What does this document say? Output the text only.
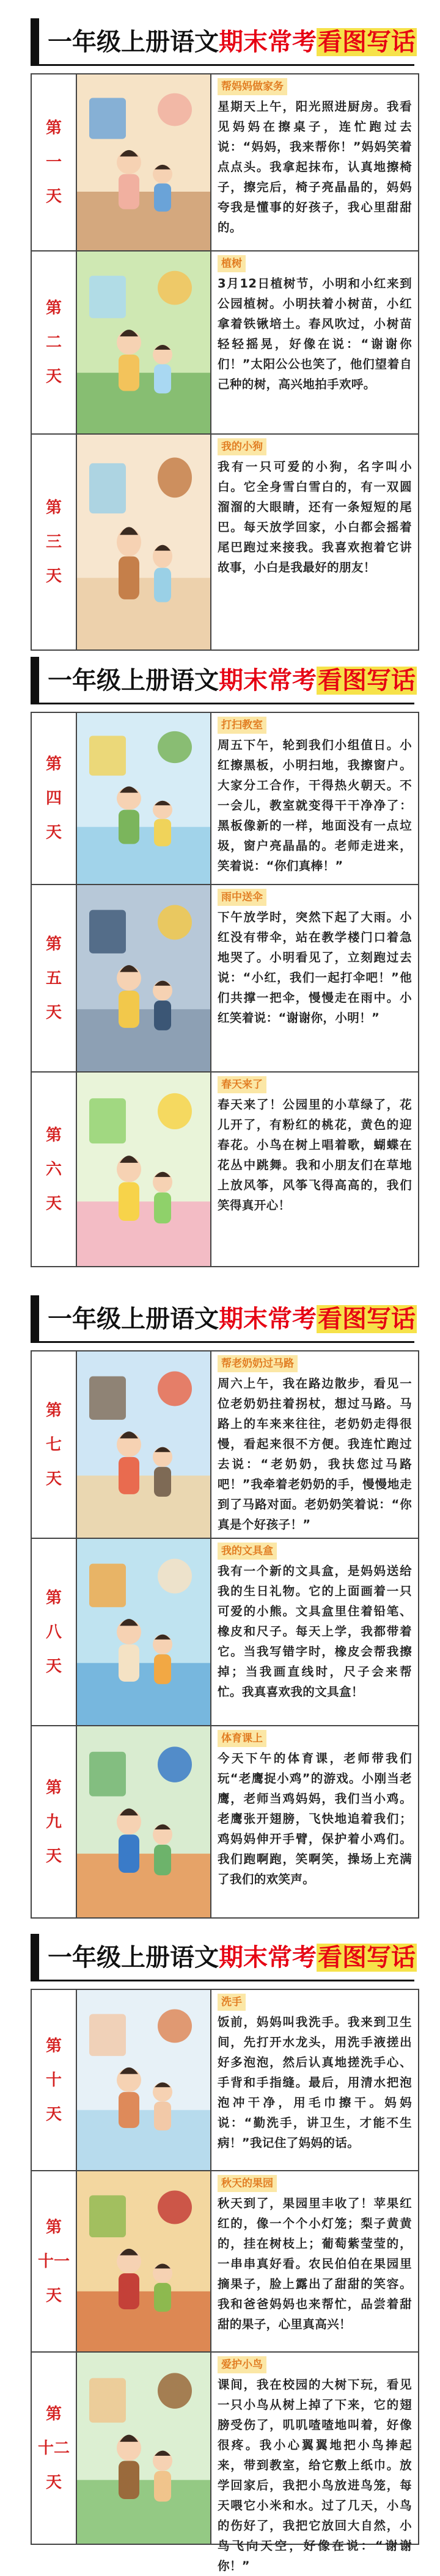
一年级上册语文期末常考看图写话
第
一
天
帮妈妈做家务
星期天上午，阳光照进厨房。我看见妈妈在擦桌子，连忙跑过去说：“妈妈，我来帮你！”妈妈笑着点点头。我拿起抹布，认真地擦椅子，擦完后，椅子亮晶晶的，妈妈夸我是懂事的好孩子，我心里甜甜的。
第
二
天
植树
3月12日植树节，小明和小红来到公园植树。小明扶着小树苗，小红拿着铁锹培土。春风吹过，小树苗轻轻摇晃，好像在说：“谢谢你们！”太阳公公也笑了，他们望着自己种的树，高兴地拍手欢呼。
第
三
天
我的小狗
我有一只可爱的小狗，名字叫小白。它全身雪白雪白的，有一双圆溜溜的大眼睛，还有一条短短的尾巴。每天放学回家，小白都会摇着尾巴跑过来接我。我喜欢抱着它讲故事，小白是我最好的朋友！
一年级上册语文期末常考看图写话
第
四
天
打扫教室
周五下午，轮到我们小组值日。小红擦黑板，小明扫地，我擦窗户。大家分工合作，干得热火朝天。不一会儿，教室就变得干干净净了：黑板像新的一样，地面没有一点垃圾，窗户亮晶晶的。老师走进来，笑着说：“你们真棒！”
第
五
天
雨中送伞
下午放学时，突然下起了大雨。小红没有带伞，站在教学楼门口着急地哭了。小明看见了，立刻跑过去说：“小红，我们一起打伞吧！”他们共撑一把伞，慢慢走在雨中。小红笑着说：“谢谢你，小明！”
第
六
天
春天来了
春天来了！公园里的小草绿了，花儿开了，有粉红的桃花，黄色的迎春花。小鸟在树上唱着歌，蝴蝶在花丛中跳舞。我和小朋友们在草地上放风筝，风筝飞得高高的，我们笑得真开心！
一年级上册语文期末常考看图写话
第
七
天
帮老奶奶过马路
周六上午，我在路边散步，看见一位老奶奶拄着拐杖，想过马路。马路上的车来来往往，老奶奶走得很慢，看起来很不方便。我连忙跑过去说：“老奶奶，我扶您过马路吧！”我牵着老奶奶的手，慢慢地走到了马路对面。老奶奶笑着说：“你真是个好孩子！”
第
八
天
我的文具盒
我有一个新的文具盒，是妈妈送给我的生日礼物。它的上面画着一只可爱的小熊。文具盒里住着铅笔、橡皮和尺子。每天上学，我都带着它。当我写错字时，橡皮会帮我擦掉；当我画直线时，尺子会来帮忙。我真喜欢我的文具盒！
第
九
天
体育课上
今天下午的体育课，老师带我们玩“老鹰捉小鸡”的游戏。小刚当老鹰，老师当鸡妈妈，我们当小鸡。老鹰张开翅膀，飞快地追着我们；鸡妈妈伸开手臂，保护着小鸡们。我们跑啊跑，笑啊笑，操场上充满了我们的欢笑声。
一年级上册语文期末常考看图写话
第
十
天
洗手
饭前，妈妈叫我洗手。我来到卫生间，先打开水龙头，用洗手液搓出好多泡泡，然后认真地搓洗手心、手背和手指缝。最后，用清水把泡泡冲干净，用毛巾擦干。妈妈说：“勤洗手，讲卫生，才能不生病！”我记住了妈妈的话。
第
十一
天
秋天的果园
秋天到了，果园里丰收了！苹果红红的，像一个个小灯笼；梨子黄黄的，挂在树枝上；葡萄紫莹莹的，一串串真好看。农民伯伯在果园里摘果子，脸上露出了甜甜的笑容。我和爸爸妈妈也来帮忙，品尝着甜甜的果子，心里真高兴！
第
十二
天
爱护小鸟
课间，我在校园的大树下玩，看见一只小鸟从树上掉了下来，它的翅膀受伤了，叽叽喳喳地叫着，好像很疼。我小心翼翼地把小鸟捧起来，带到教室，给它敷上纸巾。放学回家后，我把小鸟放进鸟笼，每天喂它小米和水。过了几天，小鸟的伤好了，我把它放回大自然，小鸟飞向天空，好像在说：“谢谢你！”
